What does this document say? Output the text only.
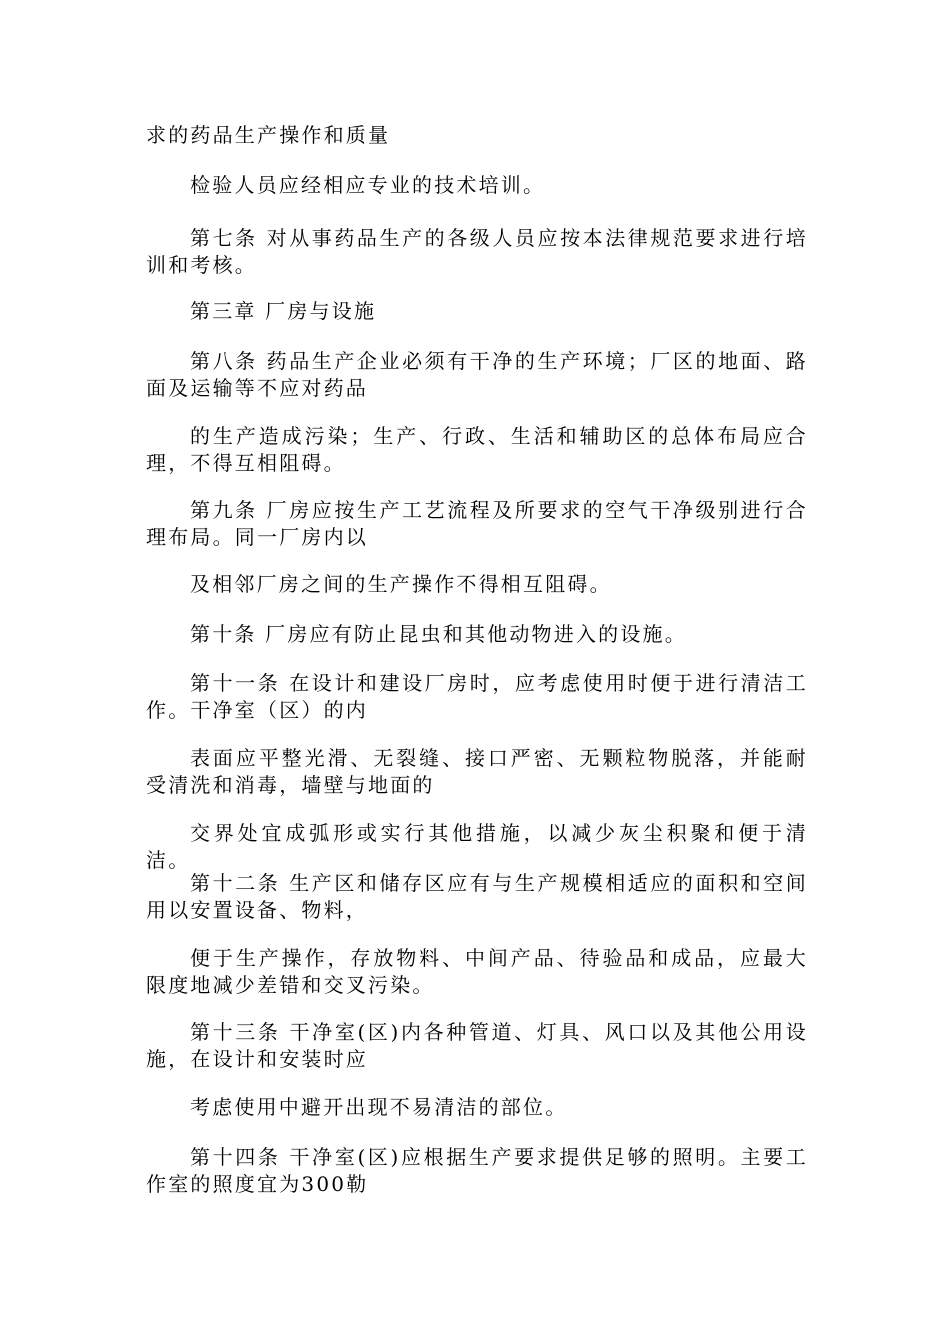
求的药品生产操作和质量

检验人员应经相应专业的技术培训。

第七条 对从事药品生产的各级人员应按本法律规范要求进行培训和考核。

第三章 厂房与设施

第八条 药品生产企业必须有干净的生产环境；厂区的地面、路面及运输等不应对药品

的生产造成污染；生产、行政、生活和辅助区的总体布局应合理，不得互相阻碍。

第九条 厂房应按生产工艺流程及所要求的空气干净级别进行合理布局。同一厂房内以

及相邻厂房之间的生产操作不得相互阻碍。

第十条 厂房应有防止昆虫和其他动物进入的设施。

第十一条 在设计和建设厂房时，应考虑使用时便于进行清洁工作。干净室（区）的内

表面应平整光滑、无裂缝、接口严密、无颗粒物脱落，并能耐受清洗和消毒，墙壁与地面的

交界处宜成弧形或实行其他措施，以减少灰尘积聚和便于清洁。

第十二条 生产区和储存区应有与生产规模相适应的面积和空间用以安置设备、物料，

便于生产操作，存放物料、中间产品、待验品和成品，应最大限度地减少差错和交叉污染。

第十三条 干净室(区)内各种管道、灯具、风口以及其他公用设施，在设计和安装时应

考虑使用中避开出现不易清洁的部位。

第十四条 干净室(区)应根据生产要求提供足够的照明。主要工作室的照度宜为300勒
